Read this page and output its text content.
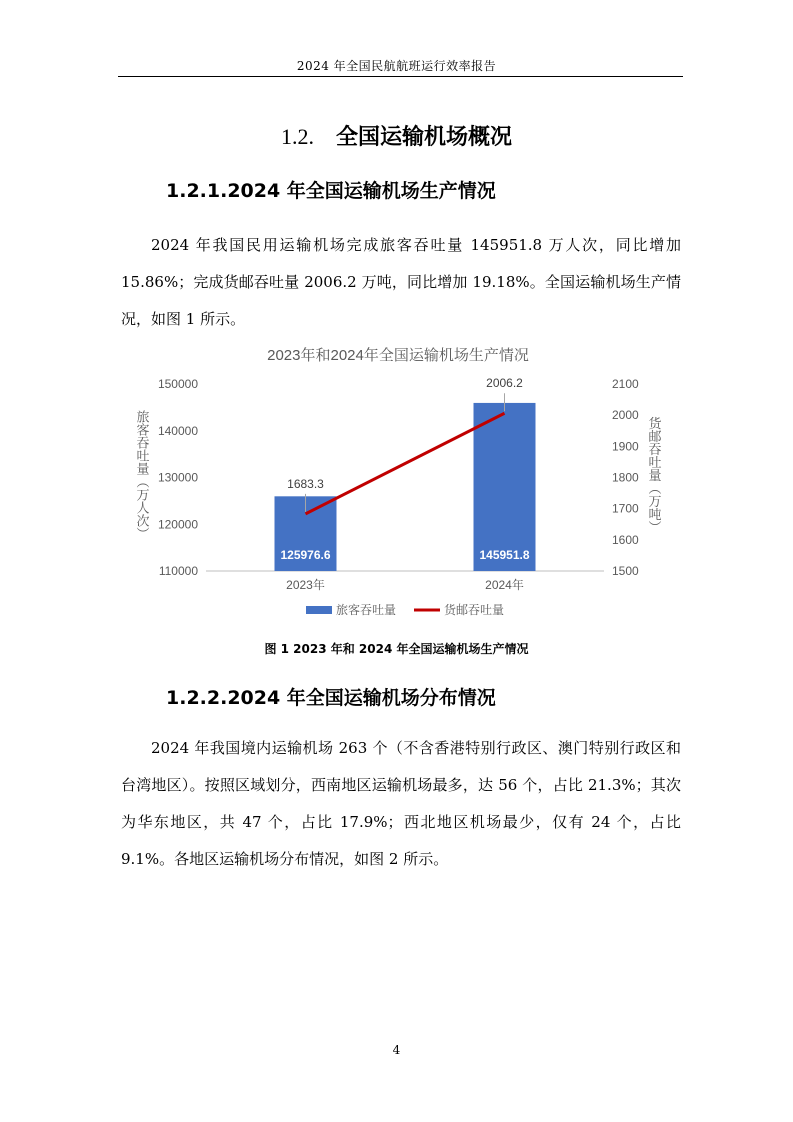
2024 年全国民航航班运行效率报告
1.2. 全国运输机场概况
1.2.1.2024 年全国运输机场生产情况

2024 年我国民用运输机场完成旅客吞吐量 145951.8 万人次，同比增加 15.86%；完成货邮吞吐量 2006.2 万吨，同比增加 19.18%。全国运输机场生产情况，如图 1 所示。

2023年和2024年全国运输机场生产情况
150000
140000
130000
120000
110000
2100
2000
1900
1800
1700
1600
1500
125976.6	145951.8
1683.3
2006.2
2023年	2024年
旅客吞吐量（万人次）	货邮吞吐量（万吨）
旅客吞吐量	货邮吞吐量
图 1 2023 年和 2024 年全国运输机场生产情况
1.2.2.2024 年全国运输机场分布情况

2024 年我国境内运输机场 263 个（不含香港特别行政区、澳门特别行政区和台湾地区）。按照区域划分，西南地区运输机场最多，达 56 个，占比 21.3%；其次为华东地区，共 47 个，占比 17.9%；西北地区机场最少，仅有 24 个，占比 9.1%。各地区运输机场分布情况，如图 2 所示。

4
